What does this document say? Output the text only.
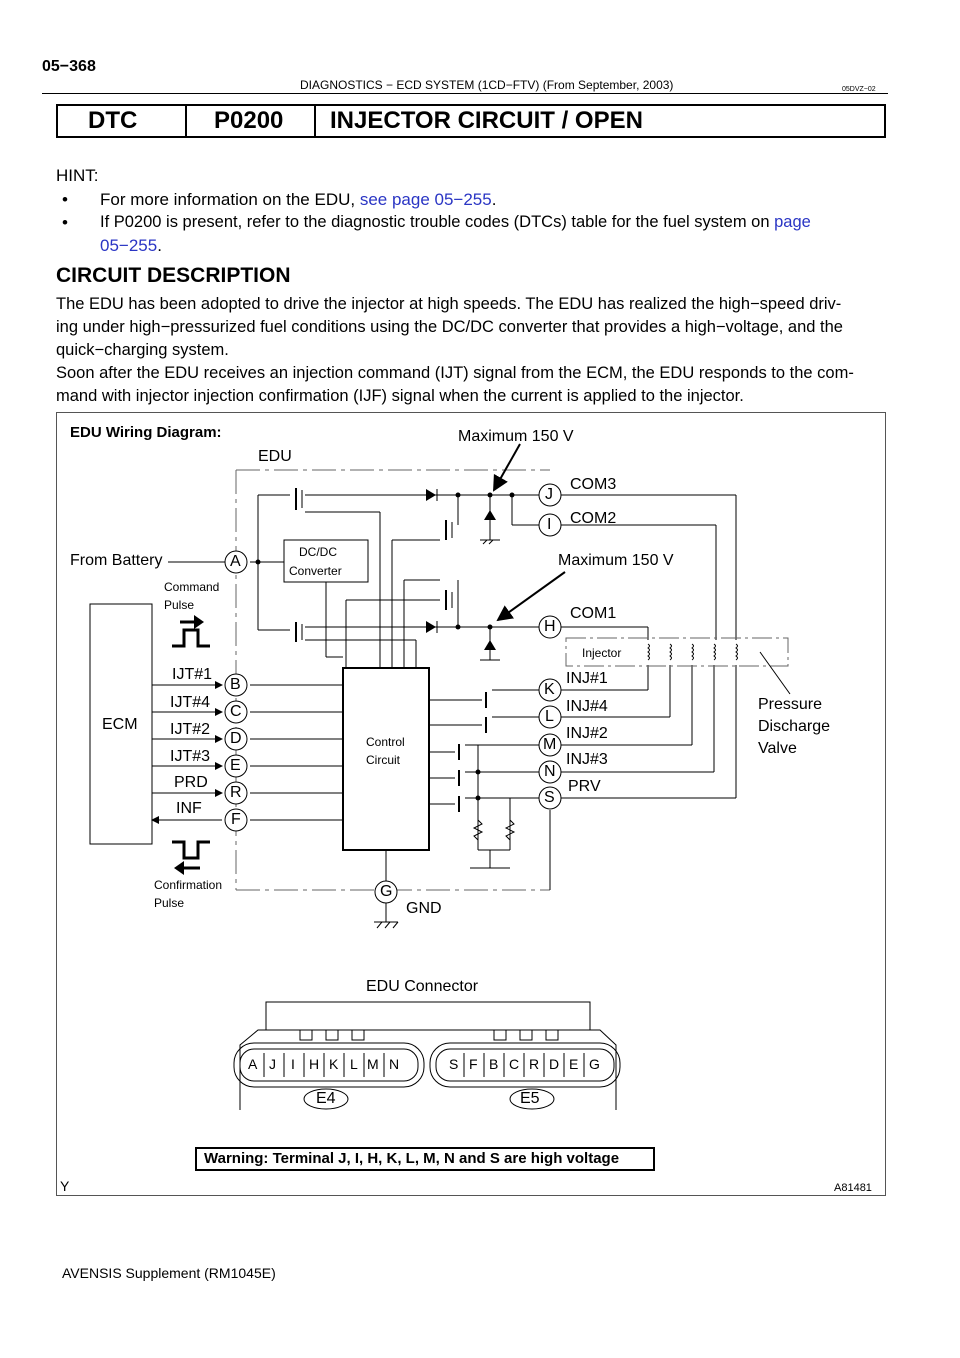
05−368
DIAGNOSTICS − ECD SYSTEM (1CD−FTV) (From September, 2003)	05DVZ−02
DTC	P0200 INJECTOR CIRCUIT / OPEN
HINT:
• For more information on the EDU, see page 05−255.
• If P0200 is present, refer to the diagnostic trouble codes (DTCs) table for the fuel system on page
05−255.
CIRCUIT DESCRIPTION
The EDU has been adopted to drive the injector at high speeds. The EDU has realized the high−speed driv-
ing under high−pressurized fuel conditions using the DC/DC converter that provides a high−voltage, and the
quick−charging system.
Soon after the EDU receives an injection command (IJT) signal from the ECM, the EDU responds to the com-
mand with injector injection confirmation (IJF) signal when the current is applied to the injector.
EDU Wiring Diagram:
EDU
Maximum 150 V
Maximum 150 V
From Battery
Command
Pulse
DC/DC
Converter
ECM
Control
Circuit
Injector
Pressure
Discharge
Valve
Confirmation
Pulse	GND
IJT#1
IJT#4
IJT#2
IJT#3
PRD
INF
A
B
C
D
E
R
F
G
J
I
H
K
L
M
N
S
COM3
COM2
COM1
INJ#1
INJ#4
INJ#2
INJ#3
PRV
EDU Connector
A J I H K L M N	S F B C R D E G
E4	E5
Warning: Terminal J, I, H, K, L, M, N and S are high voltage
Y	A81481
AVENSIS Supplement (RM1045E)
